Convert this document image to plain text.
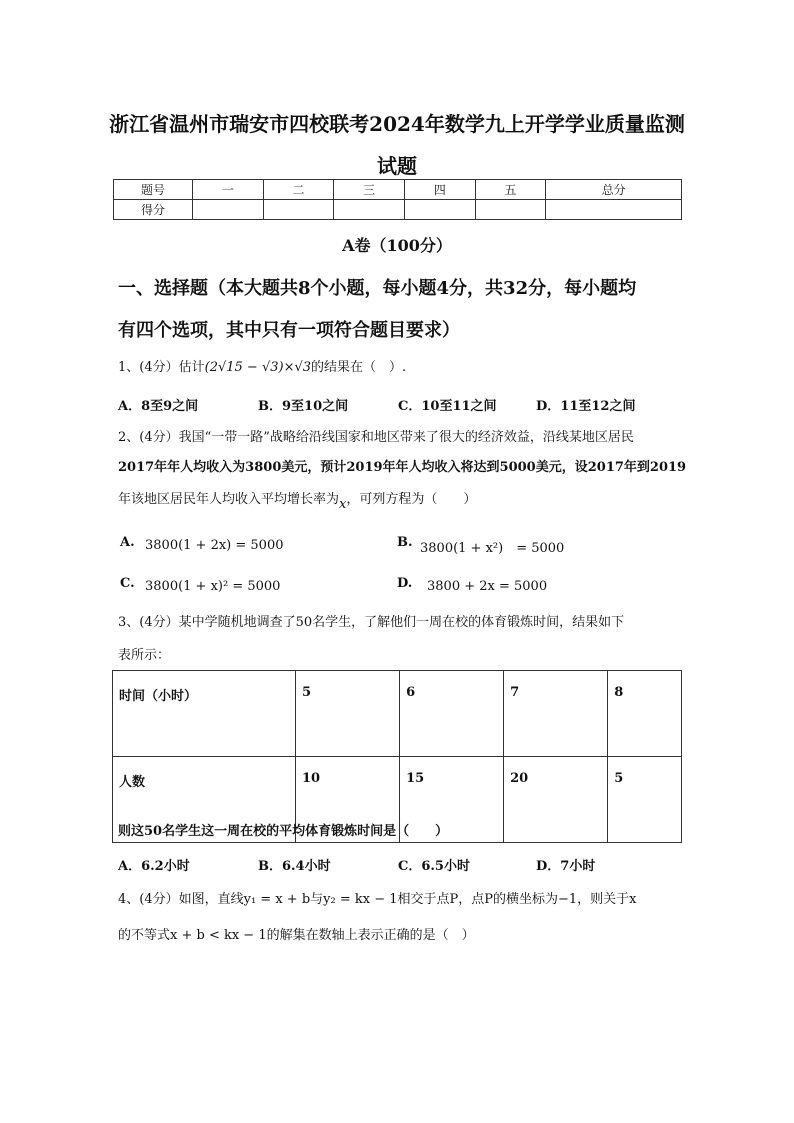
浙江省温州市瑞安市四校联考2024年数学九上开学学业质量监测
试题
题号	一	二	三	四	五	总分
得分						
A卷（100分）
一、选择题（本大题共8个小题，每小题4分，共32分，每小题均
有四个选项，其中只有一项符合题目要求）
1、(4分）估计(2√15 − √3)×√3的结果在（　）.
A．8至9之间	B．9至10之间	C．10至11之间	D．11至12之间
2、(4分）我国“一带一路”战略给沿线国家和地区带来了很大的经济效益，沿线某地区居民
2017年年人均收入为3800美元，预计2019年年人均收入将达到5000美元，设2017年到2019
年该地区居民年人均收入平均增长率为x，可列方程为（　　）
A. 3800(1 + 2x) = 5000	B. 3800(1 + x²)　= 5000
C. 3800(1 + x)² = 5000	D. 3800 + 2x = 5000
3、(4分）某中学随机地调查了50名学生，了解他们一周在校的体育锻炼时间，结果如下
表所示：
时间（小时）	5	6	7	8
人数	10	15	20	5
则这50名学生这一周在校的平均体育锻炼时间是（　　）
A．6.2小时	B．6.4小时	C．6.5小时	D．7小时
4、(4分）如图，直线y₁ = x + b与y₂ = kx − 1相交于点P，点P的横坐标为−1，则关于x
的不等式x + b < kx − 1的解集在数轴上表示正确的是（　）
